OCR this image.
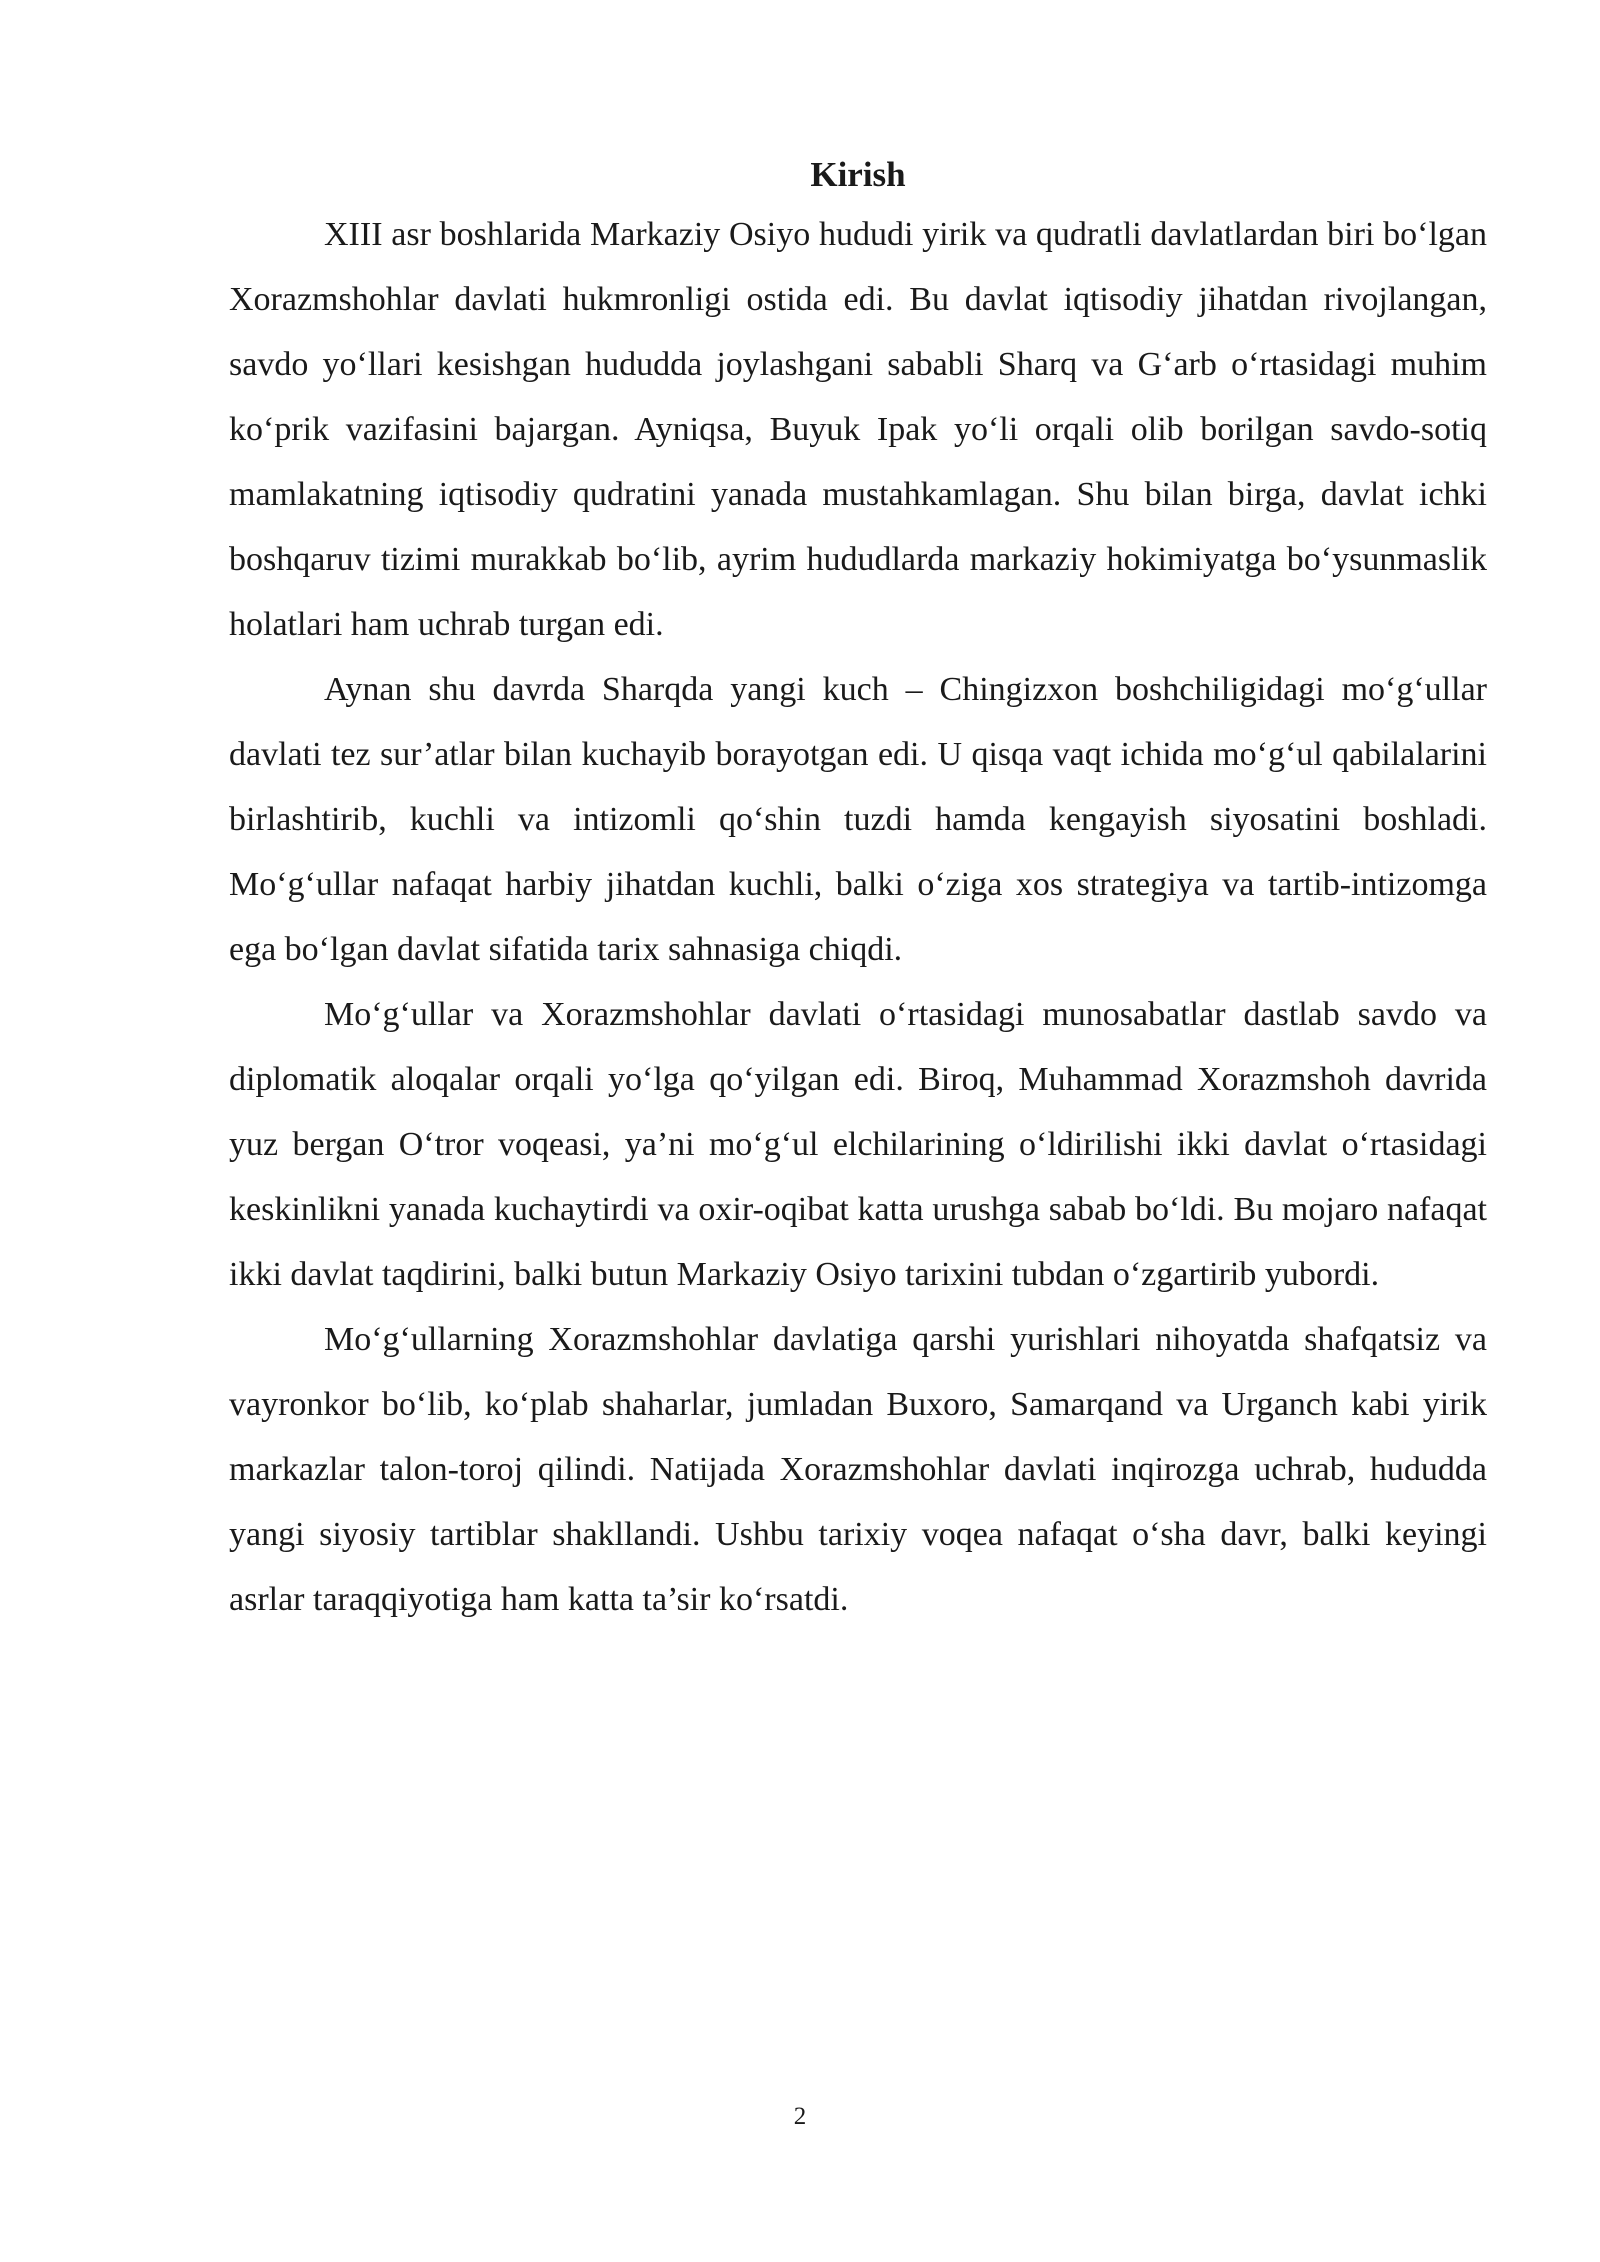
Kirish

XIII asr boshlarida Markaziy Osiyo hududi yirik va qudratli davlatlardan biri bo‘lgan Xorazmshohlar davlati hukmronligi ostida edi. Bu davlat iqtisodiy jihatdan rivojlangan, savdo yo‘llari kesishgan hududda joylashgani sababli Sharq va G‘arb o‘rtasidagi muhim ko‘prik vazifasini bajargan. Ayniqsa, Buyuk Ipak yo‘li orqali olib borilgan savdo-sotiq mamlakatning iqtisodiy qudratini yanada mustahkamlagan. Shu bilan birga, davlat ichki boshqaruv tizimi murakkab bo‘lib, ayrim hududlarda markaziy hokimiyatga bo‘ysunmaslik holatlari ham uchrab turgan edi.

Aynan shu davrda Sharqda yangi kuch – Chingizxon boshchiligidagi mo‘g‘ullar davlati tez sur’atlar bilan kuchayib borayotgan edi. U qisqa vaqt ichida mo‘g‘ul qabilalarini birlashtirib, kuchli va intizomli qo‘shin tuzdi hamda kengayish siyosatini boshladi. Mo‘g‘ullar nafaqat harbiy jihatdan kuchli, balki o‘ziga xos strategiya va tartib-intizomga ega bo‘lgan davlat sifatida tarix sahnasiga chiqdi.

Mo‘g‘ullar va Xorazmshohlar davlati o‘rtasidagi munosabatlar dastlab savdo va diplomatik aloqalar orqali yo‘lga qo‘yilgan edi. Biroq, Muhammad Xorazmshoh davrida yuz bergan O‘tror voqeasi, ya’ni mo‘g‘ul elchilarining o‘ldirilishi ikki davlat o‘rtasidagi keskinlikni yanada kuchaytirdi va oxir-oqibat katta urushga sabab bo‘ldi. Bu mojaro nafaqat ikki davlat taqdirini, balki butun Markaziy Osiyo tarixini tubdan o‘zgartirib yubordi.

Mo‘g‘ullarning Xorazmshohlar davlatiga qarshi yurishlari nihoyatda shafqatsiz va vayronkor bo‘lib, ko‘plab shaharlar, jumladan Buxoro, Samarqand va Urganch kabi yirik markazlar talon-toroj qilindi. Natijada Xorazmshohlar davlati inqirozga uchrab, hududda yangi siyosiy tartiblar shakllandi. Ushbu tarixiy voqea nafaqat o‘sha davr, balki keyingi asrlar taraqqiyotiga ham katta ta’sir ko‘rsatdi.

2
